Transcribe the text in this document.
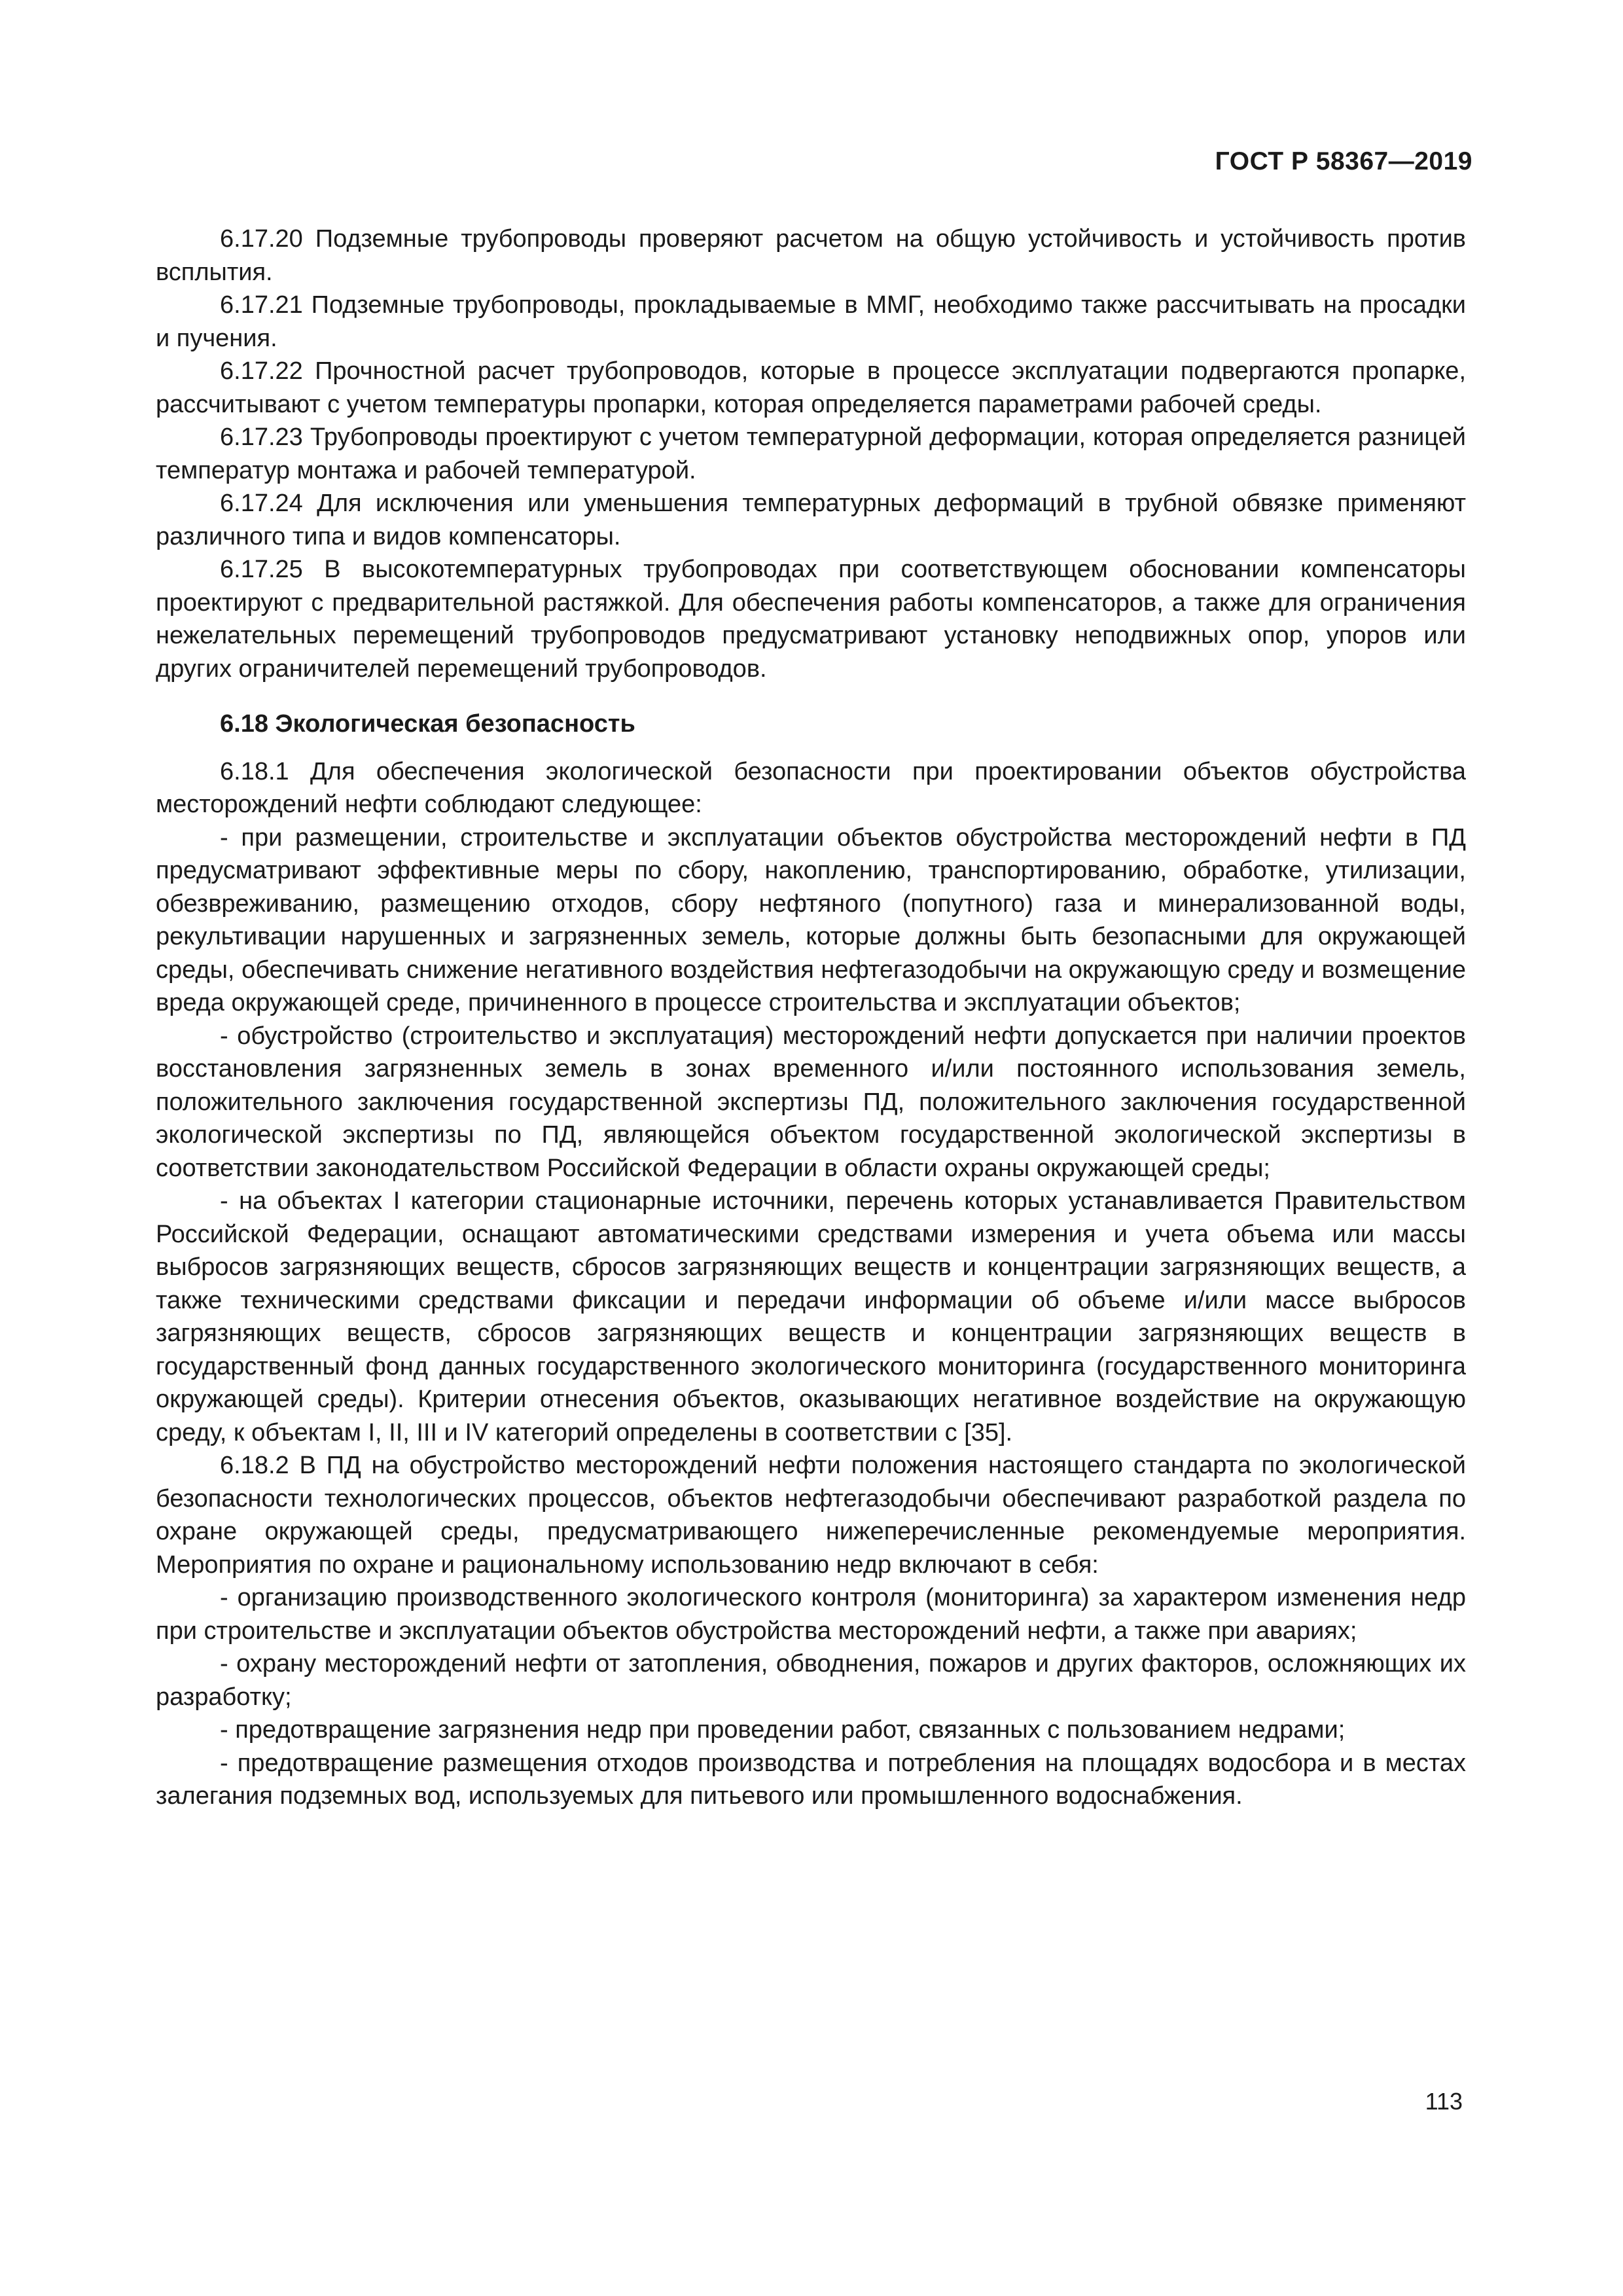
ГОСТ Р 58367—2019

6.17.20 Подземные трубопроводы проверяют расчетом на общую устойчивость и устойчивость против всплытия.

6.17.21 Подземные трубопроводы, прокладываемые в ММГ, необходимо также рассчитывать на просадки и пучения.

6.17.22 Прочностной расчет трубопроводов, которые в процессе эксплуатации подвергаются пропарке, рассчитывают с учетом температуры пропарки, которая определяется параметрами рабочей среды.

6.17.23 Трубопроводы проектируют с учетом температурной деформации, которая определяется разницей температур монтажа и рабочей температурой.

6.17.24 Для исключения или уменьшения температурных деформаций в трубной обвязке применяют различного типа и видов компенсаторы.

6.17.25 В высокотемпературных трубопроводах при соответствующем обосновании компенсаторы проектируют с предварительной растяжкой. Для обеспечения работы компенсаторов, а также для ограничения нежелательных перемещений трубопроводов предусматривают установку неподвижных опор, упоров или других ограничителей перемещений трубопроводов.

6.18 Экологическая безопасность

6.18.1 Для обеспечения экологической безопасности при проектировании объектов обустройства месторождений нефти соблюдают следующее:

- при размещении, строительстве и эксплуатации объектов обустройства месторождений нефти в ПД предусматривают эффективные меры по сбору, накоплению, транспортированию, обработке, утилизации, обезвреживанию, размещению отходов, сбору нефтяного (попутного) газа и минерализованной воды, рекультивации нарушенных и загрязненных земель, которые должны быть безопасными для окружающей среды, обеспечивать снижение негативного воздействия нефтегазодобычи на окружающую среду и возмещение вреда окружающей среде, причиненного в процессе строительства и эксплуатации объектов;

- обустройство (строительство и эксплуатация) месторождений нефти допускается при наличии проектов восстановления загрязненных земель в зонах временного и/или постоянного использования земель, положительного заключения государственной экспертизы ПД, положительного заключения государственной экологической экспертизы по ПД, являющейся объектом государственной экологической экспертизы в соответствии законодательством Российской Федерации в области охраны окружающей среды;

- на объектах I категории стационарные источники, перечень которых устанавливается Правительством Российской Федерации, оснащают автоматическими средствами измерения и учета объема или массы выбросов загрязняющих веществ, сбросов загрязняющих веществ и концентрации загрязняющих веществ, а также техническими средствами фиксации и передачи информации об объеме и/или массе выбросов загрязняющих веществ, сбросов загрязняющих веществ и концентрации загрязняющих веществ в государственный фонд данных государственного экологического мониторинга (государственного мониторинга окружающей среды). Критерии отнесения объектов, оказывающих негативное воздействие на окружающую среду, к объектам I, II, III и IV категорий определены в соответствии с [35].

6.18.2 В ПД на обустройство месторождений нефти положения настоящего стандарта по экологической безопасности технологических процессов, объектов нефтегазодобычи обеспечивают разработкой раздела по охране окружающей среды, предусматривающего нижеперечисленные рекомендуемые мероприятия. Мероприятия по охране и рациональному использованию недр включают в себя:

- организацию производственного экологического контроля (мониторинга) за характером изменения недр при строительстве и эксплуатации объектов обустройства месторождений нефти, а также при авариях;

- охрану месторождений нефти от затопления, обводнения, пожаров и других факторов, осложняющих их разработку;

- предотвращение загрязнения недр при проведении работ, связанных с пользованием недрами;

- предотвращение размещения отходов производства и потребления на площадях водосбора и в местах залегания подземных вод, используемых для питьевого или промышленного водоснабжения.

113
